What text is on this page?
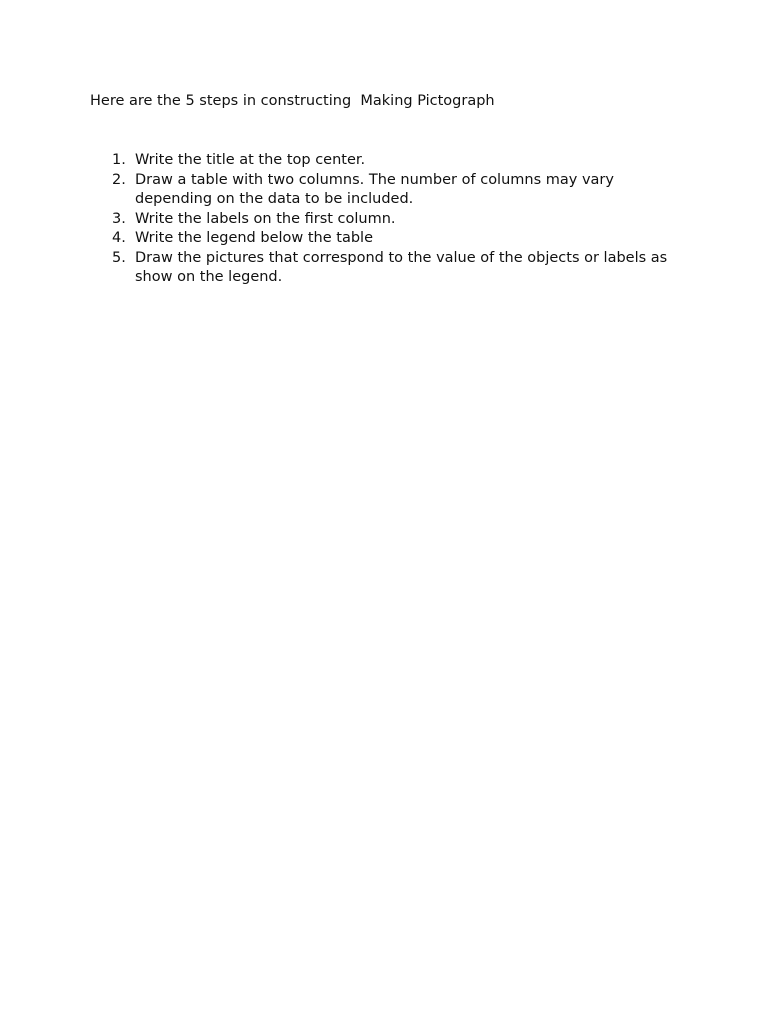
Here are the 5 steps in constructing  Making Pictograph

1. Write the title at the top center.
2. Draw a table with two columns. The number of columns may vary depending on the data to be included.
3. Write the labels on the first column.
4. Write the legend below the table
5. Draw the pictures that correspond to the value of the objects or labels as show on the legend.
